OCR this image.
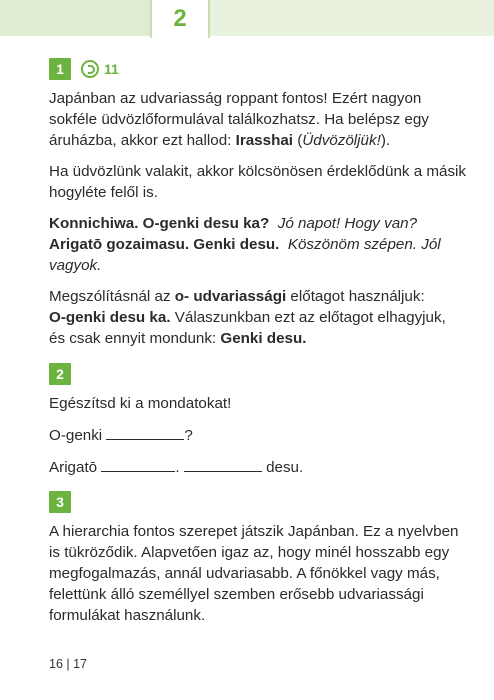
2
1	11

Japánban az udvariasság roppant fontos! Ezért nagyon sokféle üdvözlőformulával találkozhatsz. Ha belépsz egy áruházba, akkor ezt hallod: Irasshai (Üdvözöljük!).

Ha üdvözlünk valakit, akkor kölcsönösen érdeklődünk a másik hogyléte felől is.

Konnichiwa. O-genki desu ka? Jó napot! Hogy van?
Arigatō gozaimasu. Genki desu. Köszönöm szépen. Jól vagyok.

Megszólításnál az o- udvariassági előtagot használjuk:
O-genki desu ka. Válaszunkban ezt az előtagot elhagyjuk,
és csak ennyit mondunk: Genki desu.

2

Egészítsd ki a mondatokat!

O-genki	?

Arigatō	.	desu.

3

A hierarchia fontos szerepet játszik Japánban. Ez a nyelvben is tükröződik. Alapvetően igaz az, hogy minél hosszabb egy megfogalmazás, annál udvariasabb. A főnökkel vagy más, felettünk álló személlyel szemben erősebb udvariassági formulákat használunk.

16 | 17
